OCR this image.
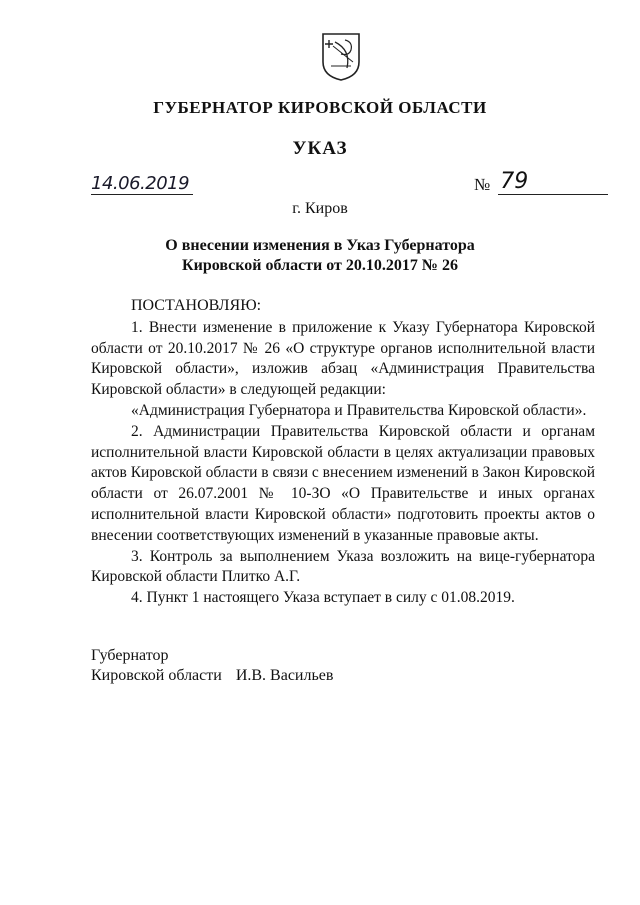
ГУБЕРНАТОР КИРОВСКОЙ ОБЛАСТИ
УКАЗ
14.06.2019	№ 79
г. Киров
О внесении изменения в Указ Губернатора
Кировской области от 20.10.2017 № 26

ПОСТАНОВЛЯЮ:

1. Внести изменение в приложение к Указу Губернатора Кировской области от 20.10.2017 № 26 «О структуре органов исполнительной власти Кировской области», изложив абзац «Администрация Правительства Кировской области» в следующей редакции:

«Администрация Губернатора и Правительства Кировской области».

2. Администрации Правительства Кировской области и органам исполнительной власти Кировской области в целях актуализации правовых актов Кировской области в связи с внесением изменений в Закон Кировской области от 26.07.2001 № 10-ЗО «О Правительстве и иных органах исполнительной власти Кировской области» подготовить проекты актов о внесении соответствующих изменений в указанные правовые акты.

3. Контроль за выполнением Указа возложить на вице-губернатора Кировской области Плитко А.Г.

4. Пункт 1 настоящего Указа вступает в силу с 01.08.2019.

Губернатор
Кировской области И.В. Васильев
